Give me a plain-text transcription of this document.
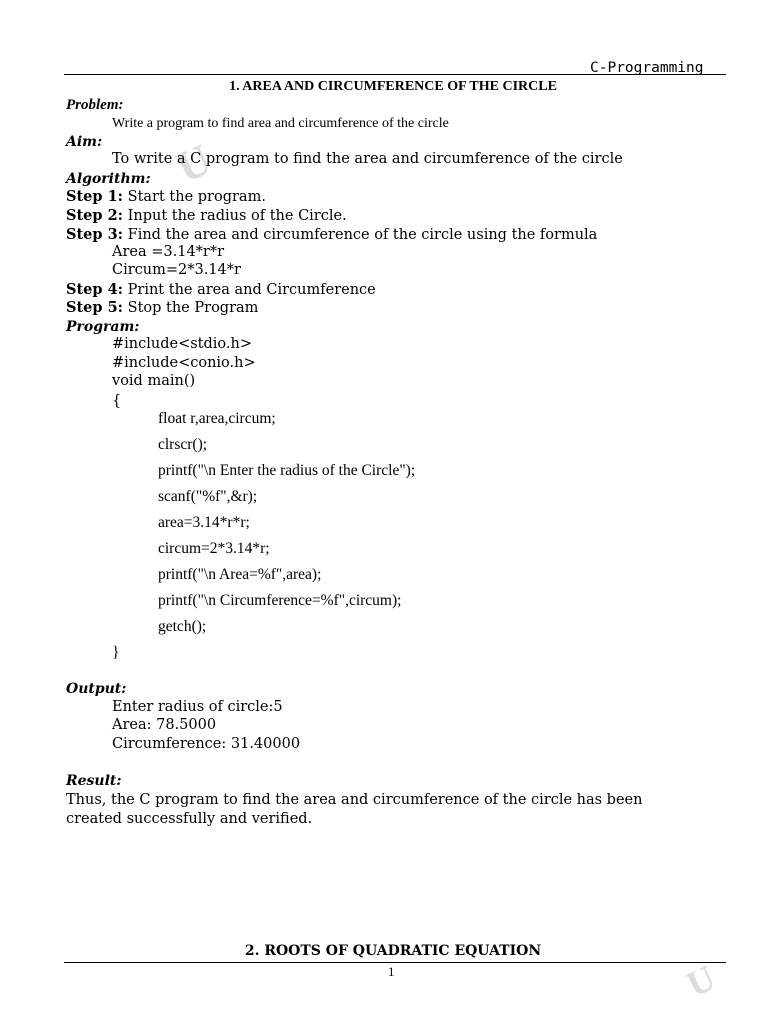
U
U
C-Programming
1. AREA AND CIRCUMFERENCE OF THE CIRCLE
Problem:
Write a program to find area and circumference of the circle
Aim:
To write a C program to find the area and circumference of the circle
Algorithm:
Step 1: Start the program.
Step 2: Input the radius of the Circle.
Step 3: Find the area and circumference of the circle using the formula
Area =3.14*r*r
Circum=2*3.14*r
Step 4: Print the area and Circumference
Step 5: Stop the Program
Program:
#include<stdio.h>
#include<conio.h>
void main()
{
float r,area,circum;
clrscr();
printf("\n Enter the radius of the Circle");
scanf("%f",&r);
area=3.14*r*r;
circum=2*3.14*r;
printf("\n Area=%f",area);
printf("\n Circumference=%f",circum);
getch();
}
Output:
Enter radius of circle:5
Area: 78.5000
Circumference: 31.40000
Result:
Thus, the C program to find the area and circumference of the circle has been
created successfully and verified.
2. ROOTS OF QUADRATIC EQUATION
1
